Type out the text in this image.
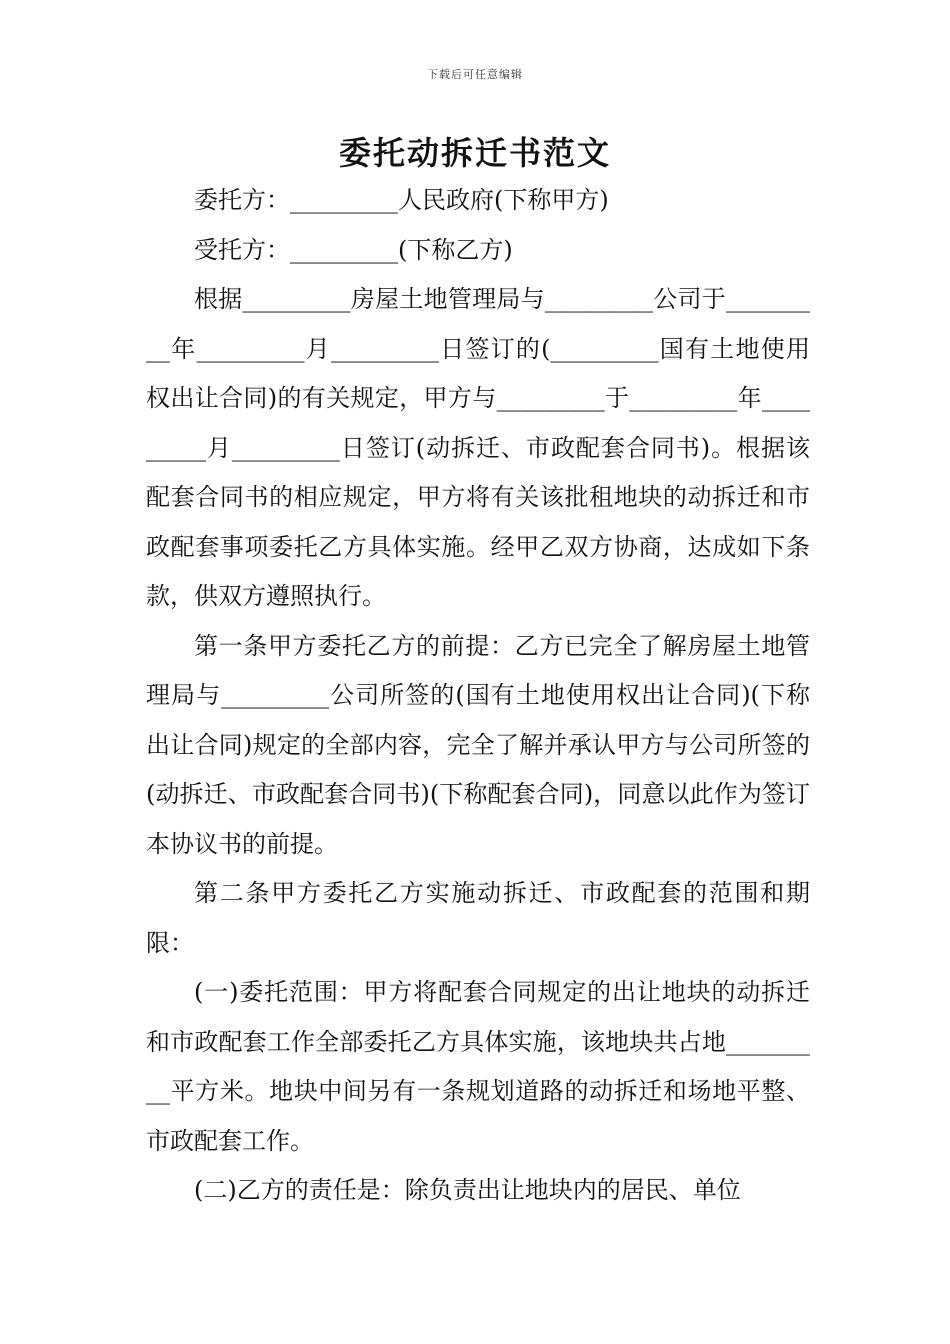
下载后可任意编辑
委托动拆迁书范文

委托方：_________人民政府(下称甲方)

受托方：_________(下称乙方)

根据_________房屋土地管理局与_________公司于_________年_________月_________日签订的(_________国有土地使用权出让合同)的有关规定，甲方与_________于_________年_________月_________日签订(动拆迁、市政配套合同书)。根据该配套合同书的相应规定，甲方将有关该批租地块的动拆迁和市政配套事项委托乙方具体实施。经甲乙双方协商，达成如下条款，供双方遵照执行。

第一条甲方委托乙方的前提：乙方已完全了解房屋土地管理局与_________公司所签的(国有土地使用权出让合同)(下称出让合同)规定的全部内容，完全了解并承认甲方与公司所签的(动拆迁、市政配套合同书)(下称配套合同)，同意以此作为签订本协议书的前提。

第二条甲方委托乙方实施动拆迁、市政配套的范围和期限：

(一)委托范围：甲方将配套合同规定的出让地块的动拆迁和市政配套工作全部委托乙方具体实施，该地块共占地_________平方米。地块中间另有一条规划道路的动拆迁和场地平整、市政配套工作。

(二)乙方的责任是：除负责出让地块内的居民、单位
